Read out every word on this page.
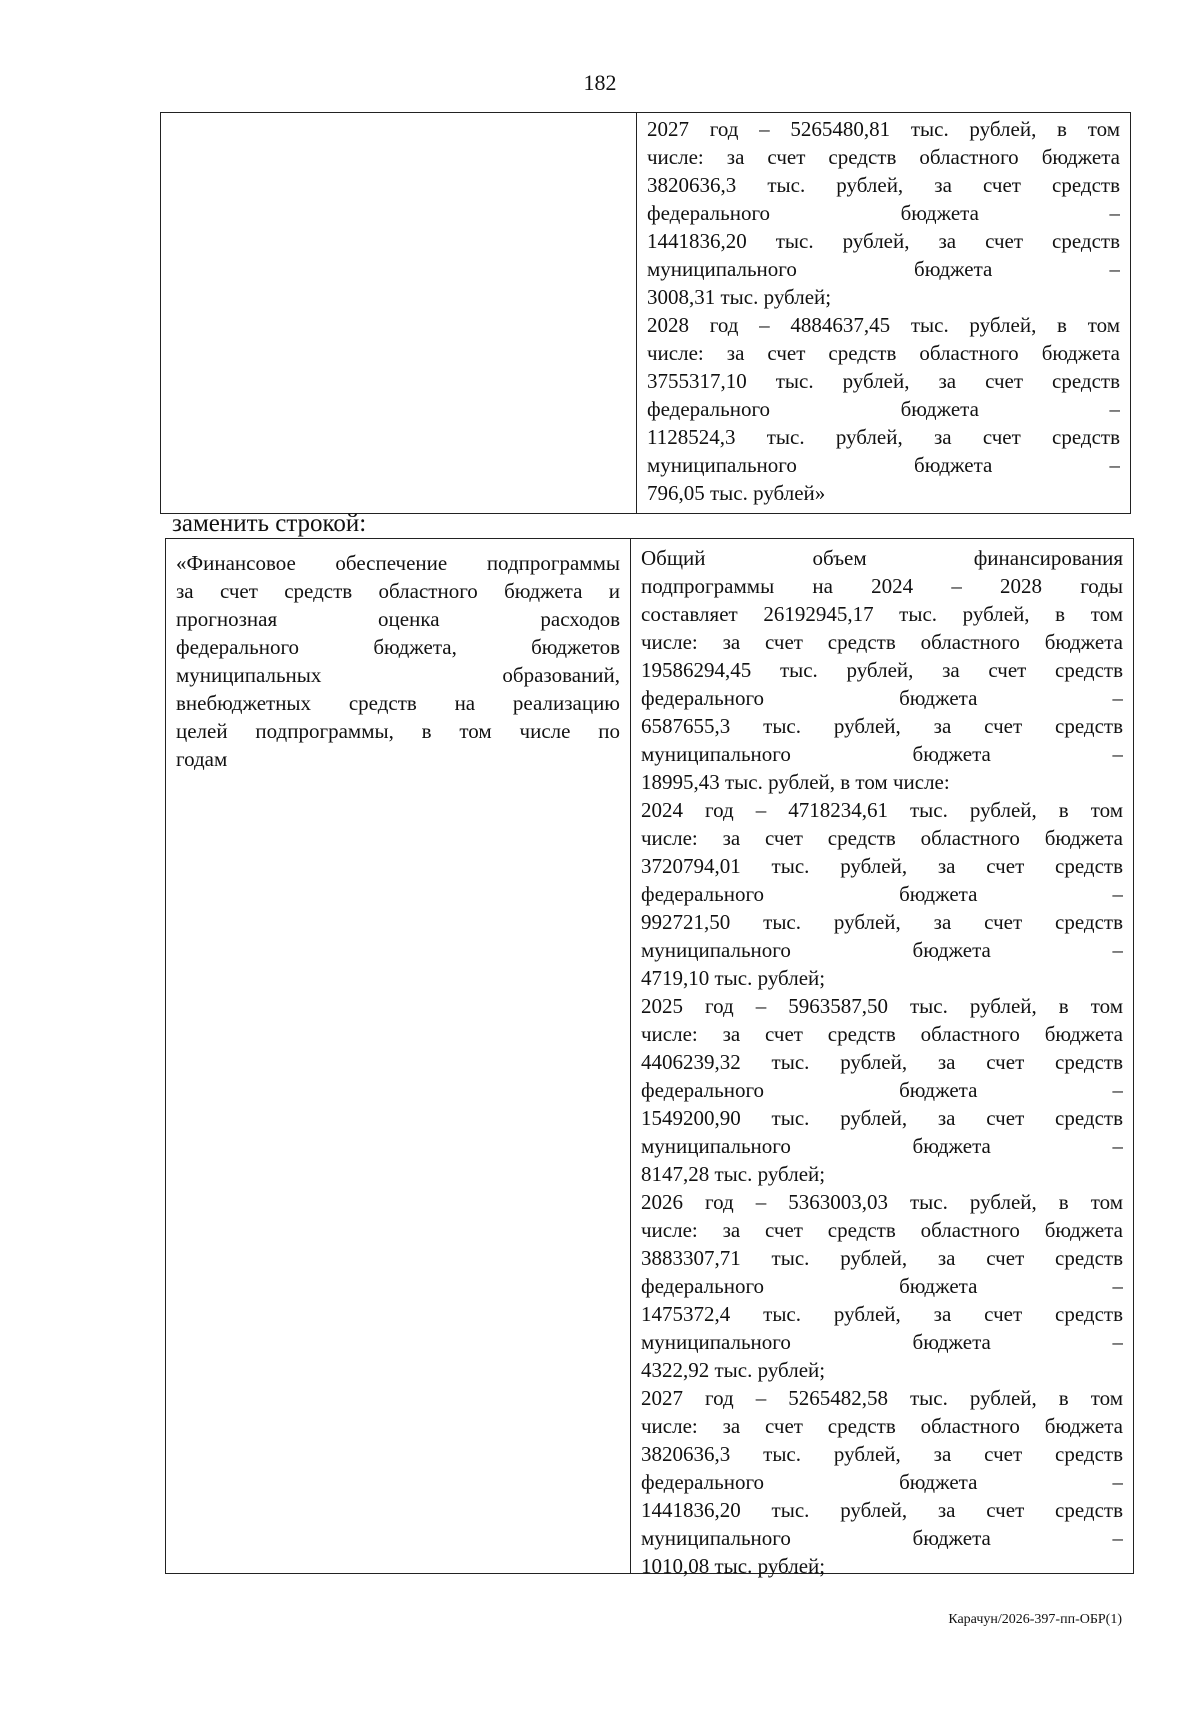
182
2027 год – 5265480,81 тыс. рублей, в том
числе: за счет средств областного бюджета
3820636,3 тыс. рублей, за счет средств
федерального бюджета –
1441836,20 тыс. рублей, за счет средств
муниципального бюджета –
3008,31 тыс. рублей;
2028 год – 4884637,45 тыс. рублей, в том
числе: за счет средств областного бюджета
3755317,10 тыс. рублей, за счет средств
федерального бюджета –
1128524,3 тыс. рублей, за счет средств
муниципального бюджета –
796,05 тыс. рублей»
заменить строкой:
«Финансовое обеспечение подпрограммы
за счет средств областного бюджета и
прогнозная оценка расходов
федерального бюджета, бюджетов
муниципальных образований,
внебюджетных средств на реализацию
целей подпрограммы, в том числе по
годам
Общий объем финансирования
подпрограммы на 2024 – 2028 годы
составляет 26192945,17 тыс. рублей, в том
числе: за счет средств областного бюджета
19586294,45 тыс. рублей, за счет средств
федерального бюджета –
6587655,3 тыс. рублей, за счет средств
муниципального бюджета –
18995,43 тыс. рублей, в том числе:
2024 год – 4718234,61 тыс. рублей, в том
числе: за счет средств областного бюджета
3720794,01 тыс. рублей, за счет средств
федерального бюджета –
992721,50 тыс. рублей, за счет средств
муниципального бюджета –
4719,10 тыс. рублей;
2025 год – 5963587,50 тыс. рублей, в том
числе: за счет средств областного бюджета
4406239,32 тыс. рублей, за счет средств
федерального бюджета –
1549200,90 тыс. рублей, за счет средств
муниципального бюджета –
8147,28 тыс. рублей;
2026 год – 5363003,03 тыс. рублей, в том
числе: за счет средств областного бюджета
3883307,71 тыс. рублей, за счет средств
федерального бюджета –
1475372,4 тыс. рублей, за счет средств
муниципального бюджета –
4322,92 тыс. рублей;
2027 год – 5265482,58 тыс. рублей, в том
числе: за счет средств областного бюджета
3820636,3 тыс. рублей, за счет средств
федерального бюджета –
1441836,20 тыс. рублей, за счет средств
муниципального бюджета –
1010,08 тыс. рублей;
Карачун/2026-397-пп-ОБР(1)
